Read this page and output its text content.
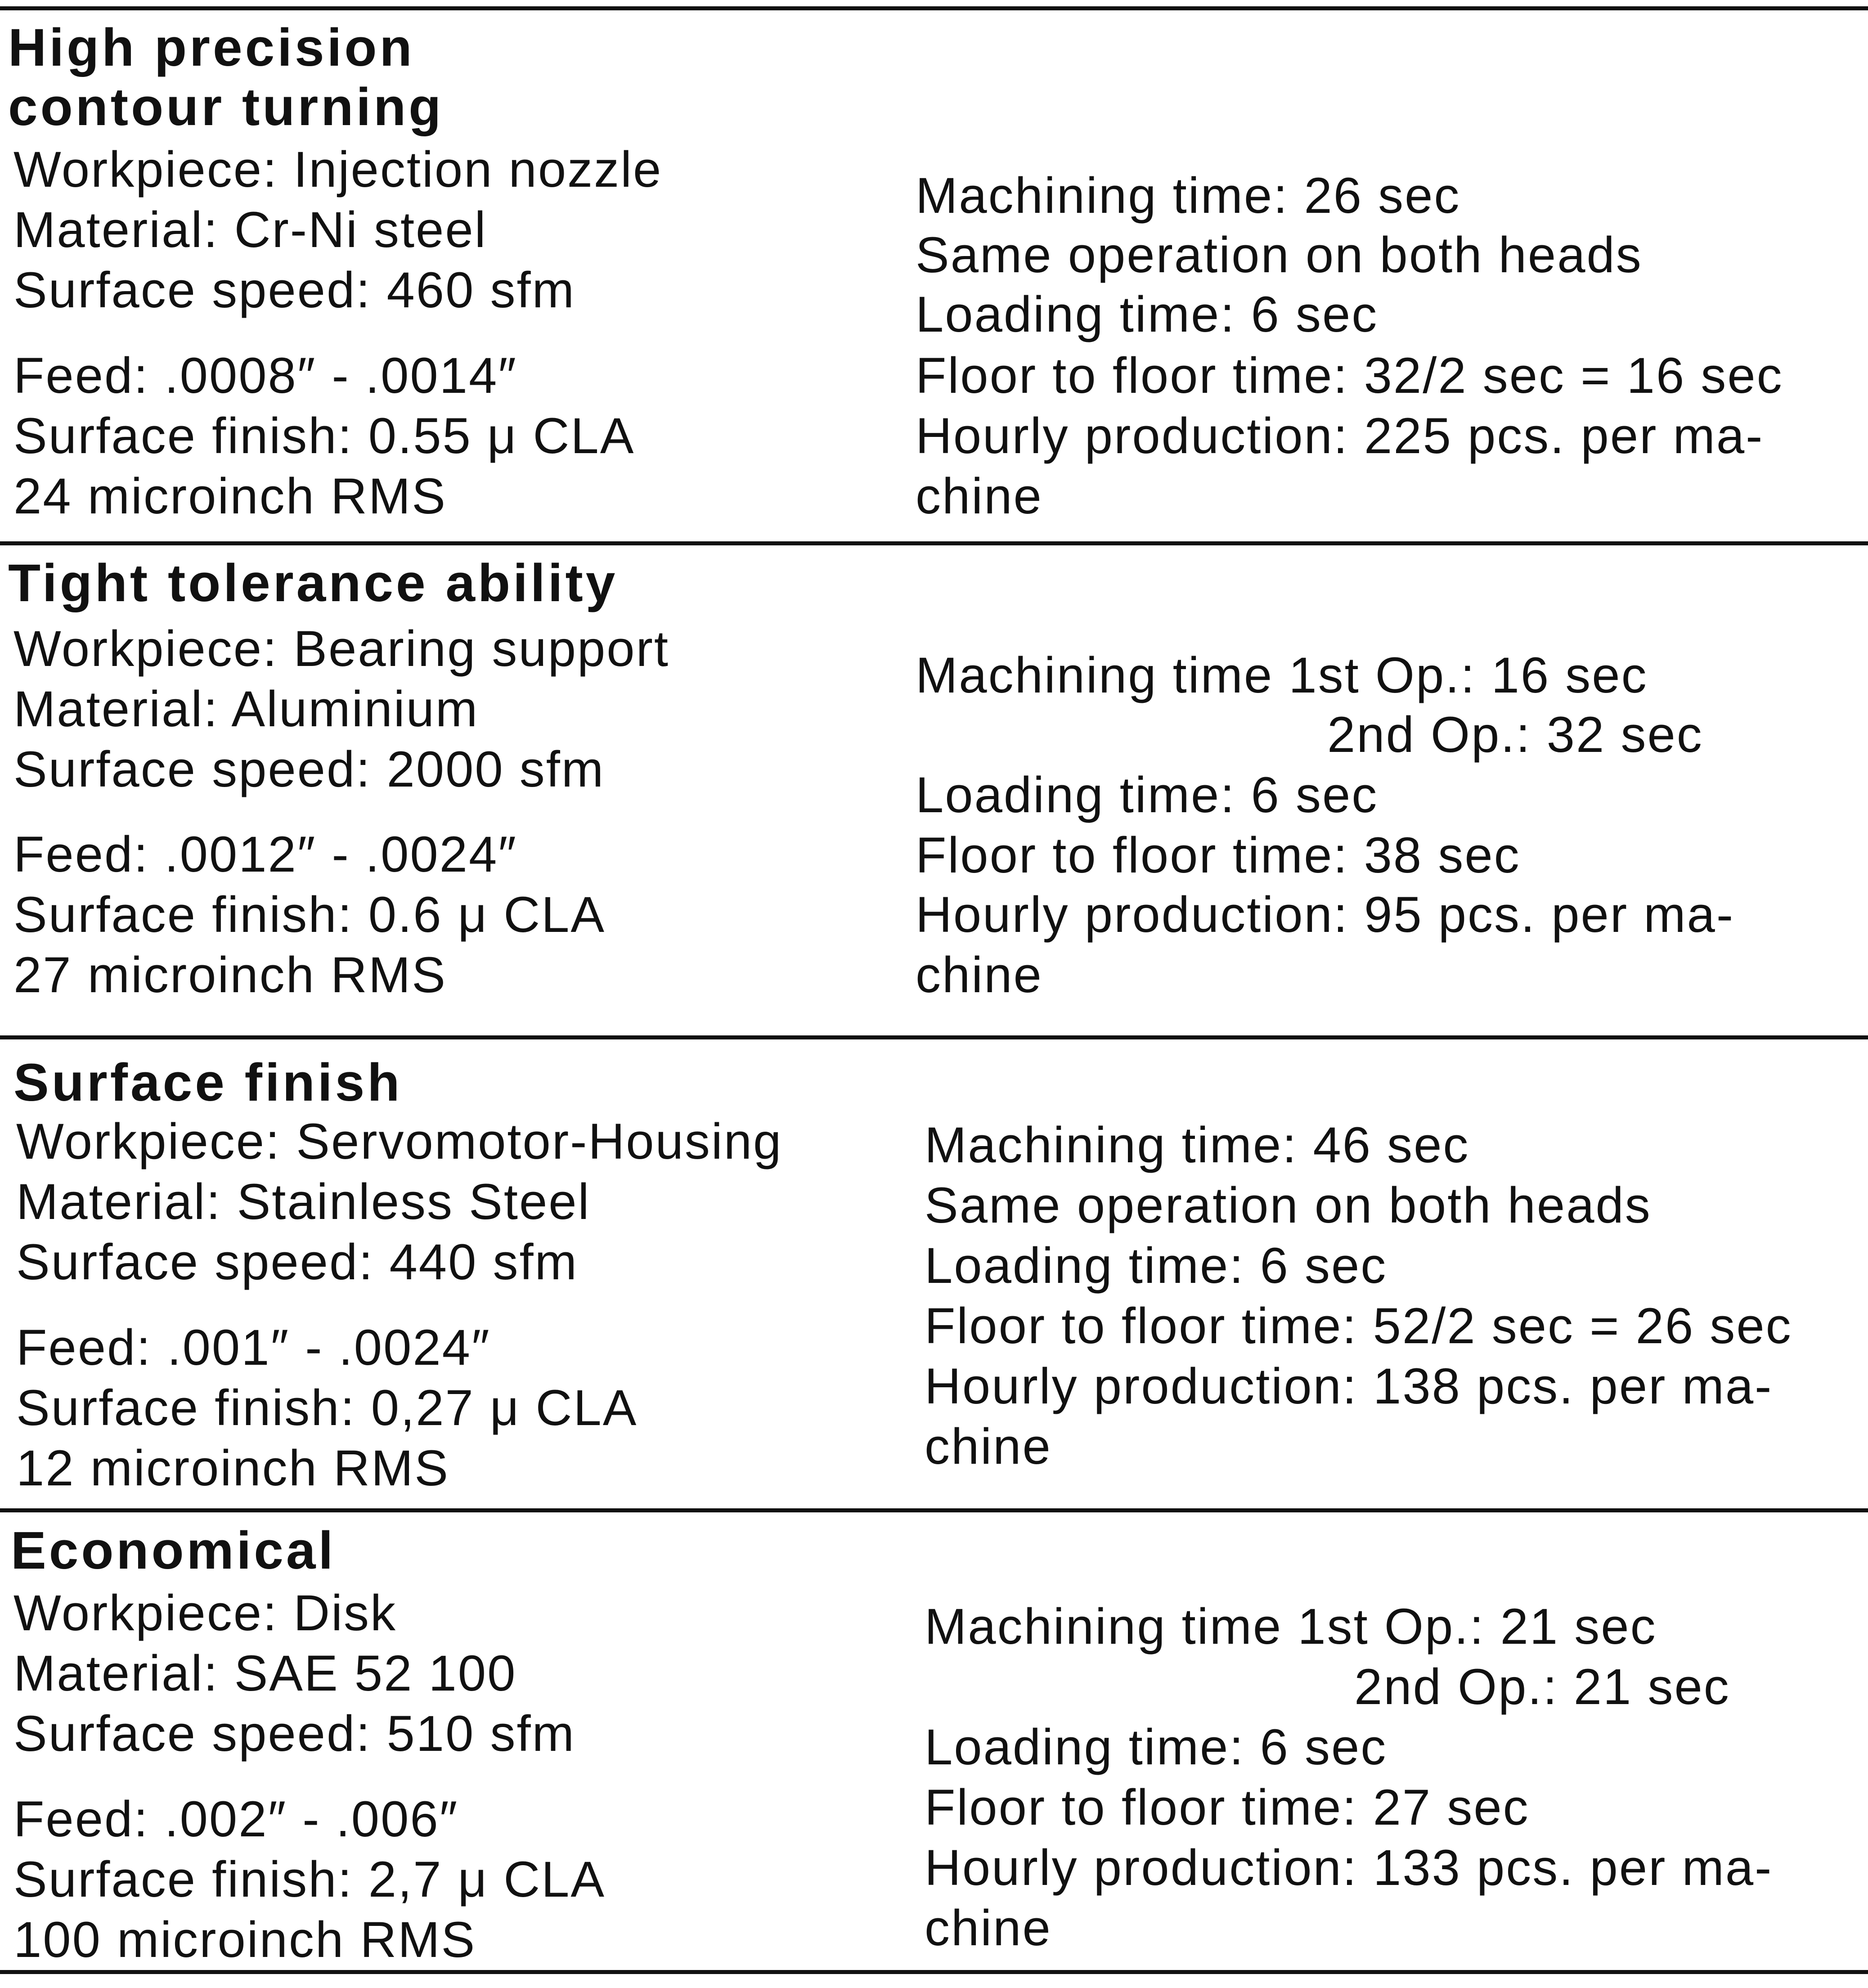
High precision
contour turning
Workpiece: Injection nozzle
Material: Cr-Ni steel
Surface speed: 460 sfm
Feed: .0008″ - .0014″
Surface finish: 0.55 μ CLA
24 microinch RMS
Machining time: 26 sec
Same operation on both heads
Loading time: 6 sec
Floor to floor time: 32/2 sec = 16 sec
Hourly production: 225 pcs. per ma-
chine
Tight tolerance ability
Workpiece: Bearing support
Material: Aluminium
Surface speed: 2000 sfm
Feed: .0012″ - .0024″
Surface finish: 0.6 μ CLA
27 microinch RMS
Machining time 1st Op.: 16 sec
2nd Op.: 32 sec
Loading time: 6 sec
Floor to floor time: 38 sec
Hourly production: 95 pcs. per ma-
chine
Surface finish
Workpiece: Servomotor-Housing
Material: Stainless Steel
Surface speed: 440 sfm
Feed: .001″ - .0024″
Surface finish: 0,27 μ CLA
12 microinch RMS
Machining time: 46 sec
Same operation on both heads
Loading time: 6 sec
Floor to floor time: 52/2 sec = 26 sec
Hourly production: 138 pcs. per ma-
chine
Economical
Workpiece: Disk
Material: SAE 52 100
Surface speed: 510 sfm
Feed: .002″ - .006″
Surface finish: 2,7 μ CLA
100 microinch RMS
Machining time 1st Op.: 21 sec
2nd Op.: 21 sec
Loading time: 6 sec
Floor to floor time: 27 sec
Hourly production: 133 pcs. per ma-
chine
